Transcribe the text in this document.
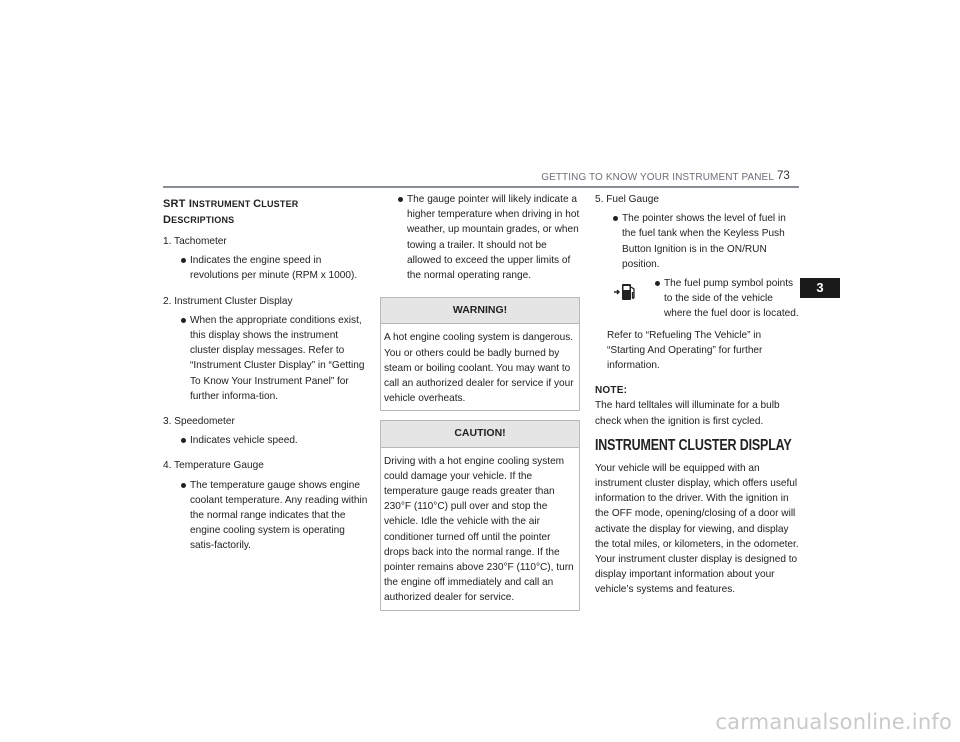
GETTING TO KNOW YOUR INSTRUMENT PANEL 73
3
SRT INSTRUMENT CLUSTER
DESCRIPTIONS
1. Tachometer
Indicates the engine speed in revolutions per minute (RPM x 1000).
2. Instrument Cluster Display
When the appropriate conditions exist, this display shows the instrument cluster display messages. Refer to “Instrument Cluster Display” in “Getting To Know Your Instrument Panel” for further informa-tion.
3. Speedometer
Indicates vehicle speed.
4. Temperature Gauge
The temperature gauge shows engine coolant temperature. Any reading within the normal range indicates that the engine cooling system is operating satis-factorily.
The gauge pointer will likely indicate a higher temperature when driving in hot weather, up mountain grades, or when towing a trailer. It should not be allowed to exceed the upper limits of the normal operating range.
WARNING!
A hot engine cooling system is dangerous. You or others could be badly burned by steam or boiling coolant. You may want to call an authorized dealer for service if your vehicle overheats.
CAUTION!
Driving with a hot engine cooling system could damage your vehicle. If the temperature gauge reads greater than 230°F (110°C) pull over and stop the vehicle. Idle the vehicle with the air conditioner turned off until the pointer drops back into the normal range. If the pointer remains above 230°F (110°C), turn the engine off immediately and call an authorized dealer for service.
5. Fuel Gauge
The pointer shows the level of fuel in the fuel tank when the Keyless Push Button Ignition is in the ON/RUN position.
The fuel pump symbol points to the side of the vehicle where the fuel door is located.
Refer to “Refueling The Vehicle” in “Starting And Operating” for further information.
NOTE:
The hard telltales will illuminate for a bulb check when the ignition is first cycled.
INSTRUMENT CLUSTER DISPLAY
Your vehicle will be equipped with an instrument cluster display, which offers useful information to the driver. With the ignition in the OFF mode, opening/closing of a door will activate the display for viewing, and display the total miles, or kilometers, in the odometer. Your instrument cluster display is designed to display important information about your vehicle’s systems and features.
carmanualsonline.info
